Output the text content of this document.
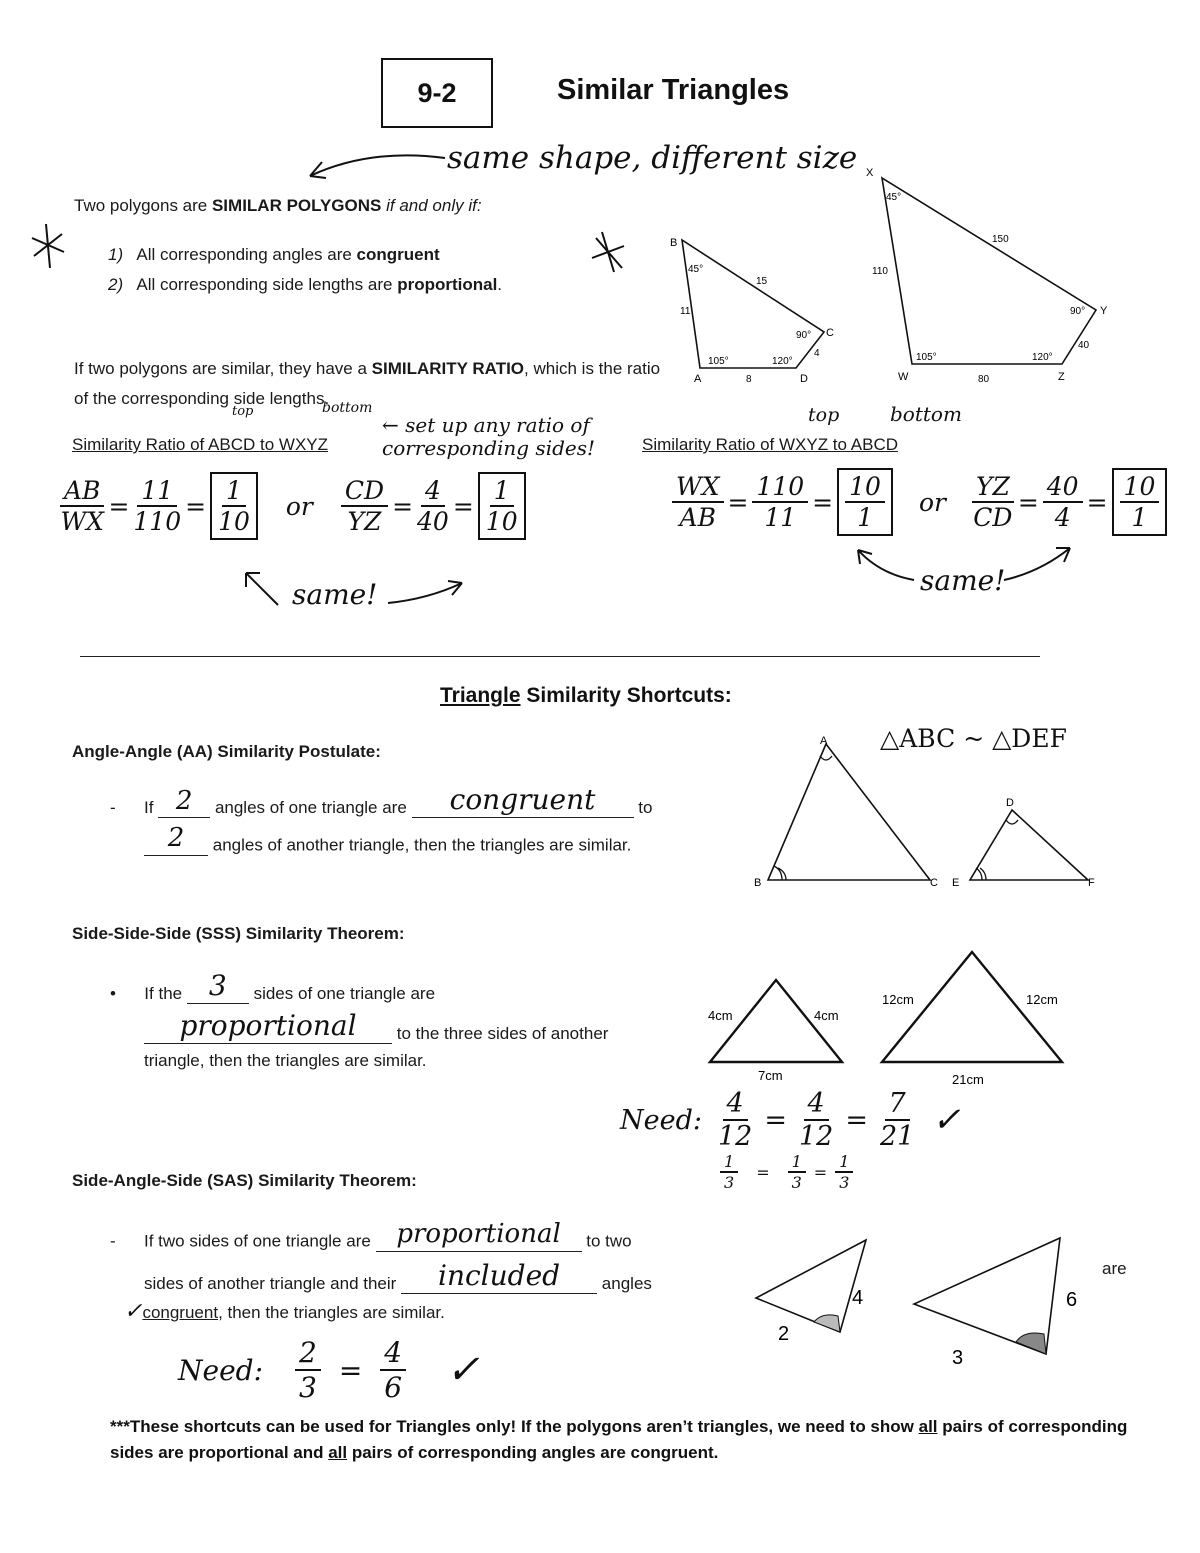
9-2	Similar Triangles
same shape, different size
Two polygons are SIMILAR POLYGONS if and only if:
1) All corresponding angles are congruent
2) All corresponding side lengths are proportional.
If two polygons are similar, they have a SIMILARITY RATIO, which is the ratio of the corresponding side lengths.
B
A
C
D
45°
90°
120°
105°
15
11
4
8
X
Y
Z
W
45°
90°
120°
105°
150
110
40
80
top	bottom
Similarity Ratio of ABCD to WXYZ
← set up any ratio of corresponding sides!
$\frac{AB}{WX} = \frac{11}{110} = \frac{1}{10}$ or $\frac{CD}{YZ} = \frac{4}{40} = \frac{1}{10}$
same!
top	bottom
Similarity Ratio of WXYZ to ABCD
$\frac{WX}{AB} = \frac{110}{11} = \frac{10}{1}$ or $\frac{YZ}{CD} = \frac{40}{4} = \frac{10}{1}$
same!
Triangle Similarity Shortcuts:
Angle-Angle (AA) Similarity Postulate:
- If 2 angles of one triangle are congruent	to
2 angles of another triangle, then the triangles are similar.
△ABC ~ △DEF
A
B	C
D
E	F
Side-Side-Side (SSS) Similarity Theorem:
• If the 3 sides of one triangle are
proportional to the three sides of another
triangle, then the triangles are similar.
4cm	4cm
7cm
12cm	12cm
21cm
Need: $\frac{4}{12} = \frac{4}{12} = \frac{7}{21}$ ✓
$\frac{1}{3} = \frac{1}{3} = \frac{1}{3}$
Side-Angle-Side (SAS) Similarity Theorem:
- If two sides of one triangle are proportional to two
sides of another triangle and their included angles
are
✓congruent, then the triangles are similar.
Need: $\frac{2}{3} = \frac{4}{6}$ ✓
4
2
6
3
***These shortcuts can be used for Triangles only! If the polygons aren’t triangles, we need to show all pairs of corresponding sides are proportional and all pairs of corresponding angles are congruent.
